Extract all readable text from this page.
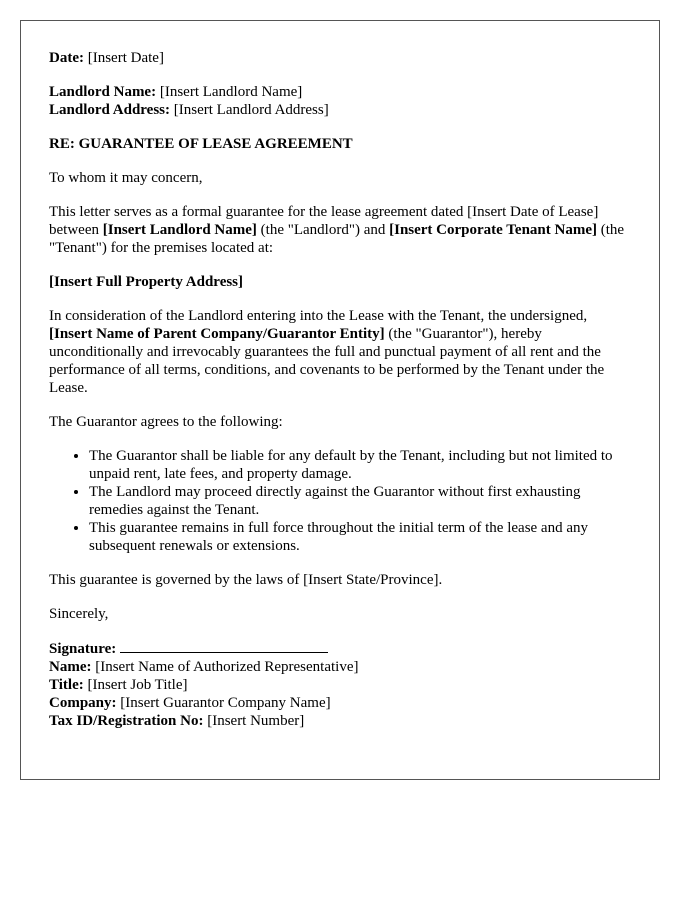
Date: [Insert Date]

Landlord Name: [Insert Landlord Name]
Landlord Address: [Insert Landlord Address]

RE: GUARANTEE OF LEASE AGREEMENT

To whom it may concern,

This letter serves as a formal guarantee for the lease agreement dated [Insert Date of Lease] between [Insert Landlord Name] (the "Landlord") and [Insert Corporate Tenant Name] (the "Tenant") for the premises located at:

[Insert Full Property Address]

In consideration of the Landlord entering into the Lease with the Tenant, the undersigned, [Insert Name of Parent Company/Guarantor Entity] (the "Guarantor"), hereby unconditionally and irrevocably guarantees the full and punctual payment of all rent and the performance of all terms, conditions, and covenants to be performed by the Tenant under the Lease.

The Guarantor agrees to the following:

• The Guarantor shall be liable for any default by the Tenant, including but not limited to unpaid rent, late fees, and property damage.
• The Landlord may proceed directly against the Guarantor without first exhausting remedies against the Tenant.
• This guarantee remains in full force throughout the initial term of the lease and any subsequent renewals or extensions.

This guarantee is governed by the laws of [Insert State/Province].

Sincerely,

Signature:
Name: [Insert Name of Authorized Representative]
Title: [Insert Job Title]
Company: [Insert Guarantor Company Name]
Tax ID/Registration No: [Insert Number]
